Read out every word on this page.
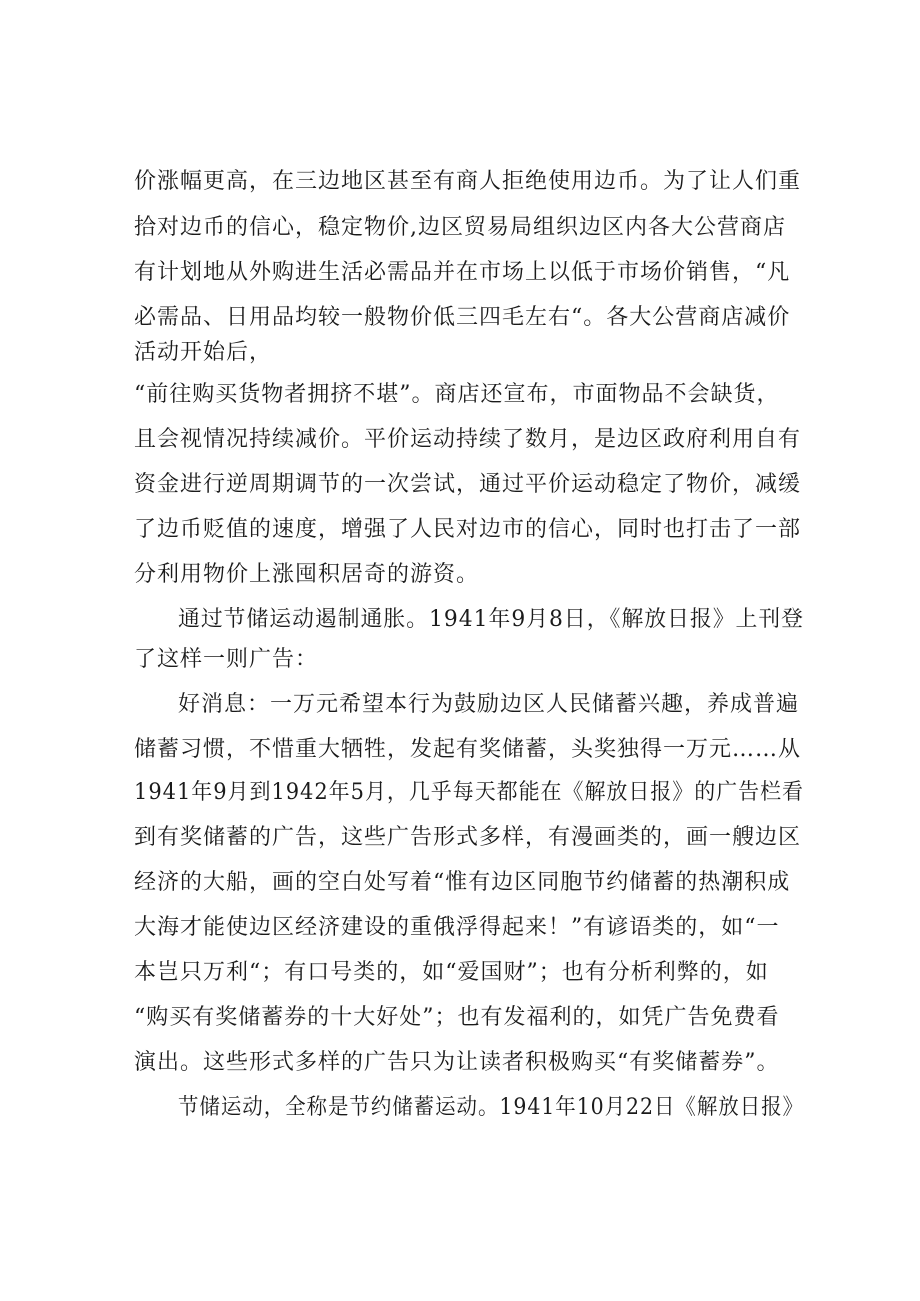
价涨幅更高，在三边地区甚至有商人拒绝使用边币。为了让人们重
拾对边币的信心，稳定物价,边区贸易局组织边区内各大公营商店
有计划地从外购进生活必需品并在市场上以低于市场价销售，“凡
必需品、日用品均较一般物价低三四毛左右“。各大公营商店减价
活动开始后，
“前往购买货物者拥挤不堪”。商店还宣布，市面物品不会缺货，
且会视情况持续减价。平价运动持续了数月，是边区政府利用自有
资金进行逆周期调节的一次尝试，通过平价运动稳定了物价，减缓
了边币贬值的速度，增强了人民对边市的信心，同时也打击了一部
分利用物价上涨囤积居奇的游资。
通过节储运动遏制通胀。1941年9月8日，《解放日报》上刊登
了这样一则广告：
好消息：一万元希望本行为鼓励边区人民储蓄兴趣，养成普遍
储蓄习惯，不惜重大牺牲，发起有奖储蓄，头奖独得一万元……从
1941年9月到1942年5月，几乎每天都能在《解放日报》的广告栏看
到有奖储蓄的广告，这些广告形式多样，有漫画类的，画一艘边区
经济的大船，画的空白处写着“惟有边区同胞节约储蓄的热潮积成
大海才能使边区经济建设的重俄浮得起来！”有谚语类的，如“一
本岂只万利“；有口号类的，如“爱国财”；也有分析利弊的，如
“购买有奖储蓄券的十大好处”；也有发福利的，如凭广告免费看
演出。这些形式多样的广告只为让读者积极购买“有奖储蓄券”。
节储运动，全称是节约储蓄运动。1941年10月22日《解放日报》
